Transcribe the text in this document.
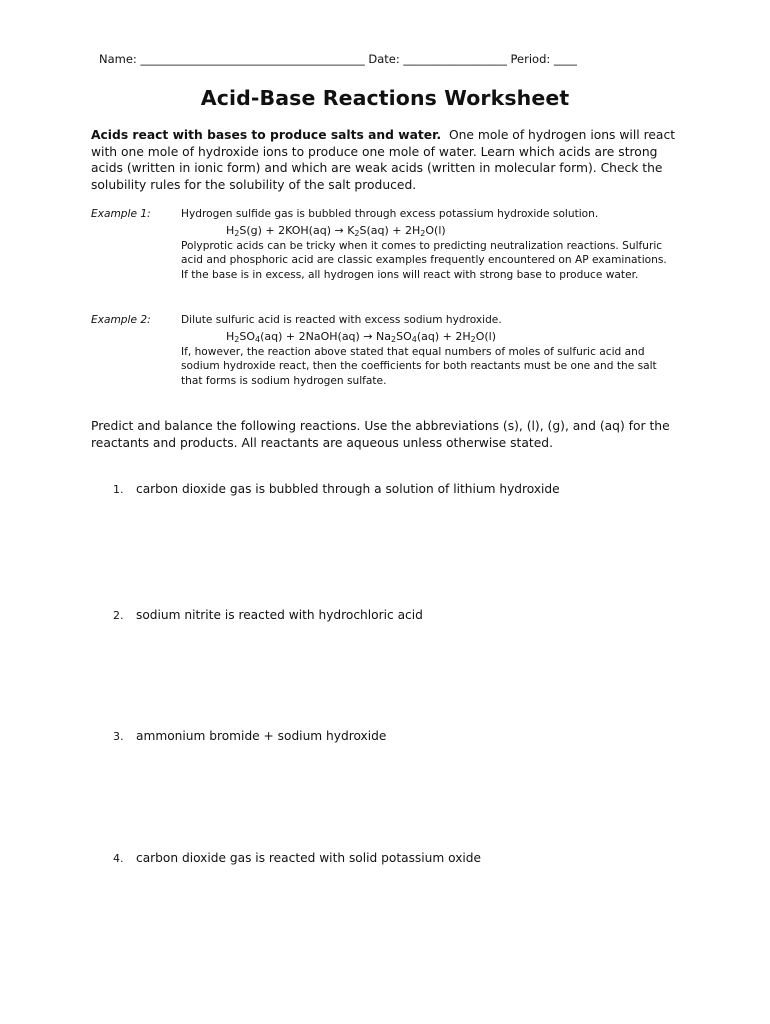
Name: _______________________________________ Date: __________________ Period: ____
Acid-Base Reactions Worksheet
Acids react with bases to produce salts and water. One mole of hydrogen ions will react with one mole of hydroxide ions to produce one mole of water. Learn which acids are strong acids (written in ionic form) and which are weak acids (written in molecular form). Check the solubility rules for the solubility of the salt produced.
Example 1:	Hydrogen sulfide gas is bubbled through excess potassium hydroxide solution.
$H_2S(g) + 2KOH(aq) \to K_2S(aq) + 2H_2O(l)$
Polyprotic acids can be tricky when it comes to predicting neutralization reactions. Sulfuric acid and phosphoric acid are classic examples frequently encountered on AP examinations. If the base is in excess, all hydrogen ions will react with strong base to produce water.
Example 2:	Dilute sulfuric acid is reacted with excess sodium hydroxide.
$H_2SO_4(aq)$ + 2NaOH(aq) → $Na_2SO_4(aq) + 2H_2O(l)$
If, however, the reaction above stated that equal numbers of moles of sulfuric acid and sodium hydroxide react, then the coefficients for both reactants must be one and the salt that forms is sodium hydrogen sulfate.
Predict and balance the following reactions. Use the abbreviations (s), (l), (g), and (aq) for the reactants and products. All reactants are aqueous unless otherwise stated.
1. carbon dioxide gas is bubbled through a solution of lithium hydroxide
2. sodium nitrite is reacted with hydrochloric acid
3. ammonium bromide + sodium hydroxide
4. carbon dioxide gas is reacted with solid potassium oxide
